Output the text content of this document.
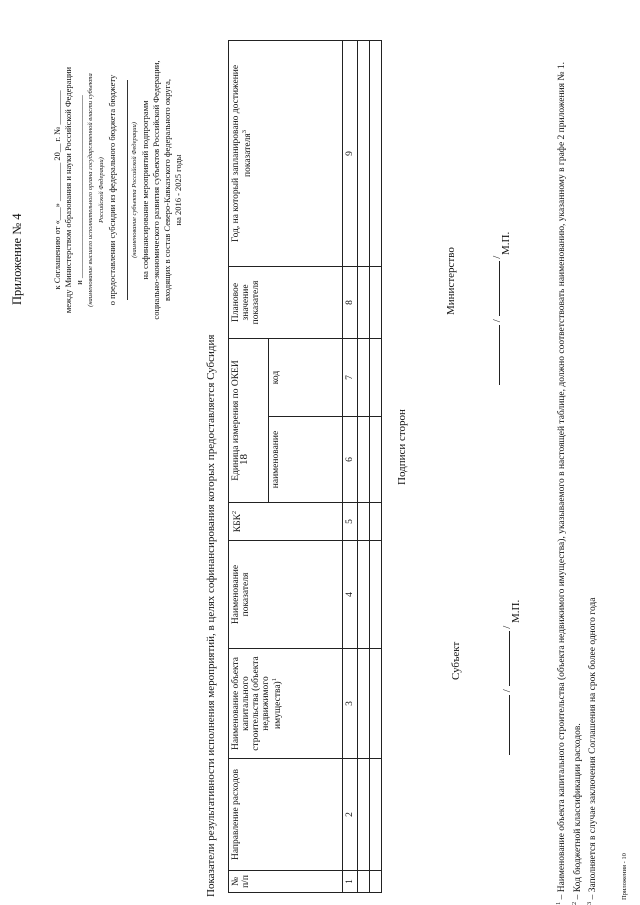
18
Приложение № 4	к Соглашению от «___» _________ 20__ г. № ________ между Министерством образования и науки Российской Федерации и ___________________________________________ (наименование высшего исполнительного органа государственной власти субъекта Российской Федерации) о предоставлении субсидии из федерального бюджета бюджету	(наименование субъекта Российской Федерации) на софинансирование мероприятий подпрограмм социально-экономического развития субъектов Российской Федерации, входящих в состав Северо-Кавказского федерального округа, на 2016 - 2025 годы

Показатели результативности исполнения мероприятий, в целях софинансирования которых предоставляется Субсидия № п/п	Направление расходов	Наименование объекта капитального строительства (объекта недвижимого имущества)$^1$	Наименование показателя	КБК$^2$	Единица измерения по ОКЕИ		Плановое значение показателя	Год, на который запланировано достижение показателя$^3$
					наименование	код		
1	2	3	4	5	6	7	8	9

Подписи сторон
Субъект
Министерство
/  /
М.П.
/  /
М.П.

$^1$ – Наименование объекта капитального строительства (объекта недвижимого имущества), указываемого в настоящей таблице, должно соответствовать наименованию, указанному в графе 2 приложения № 1.

$^2$ – Код бюджетной классификации расходов.

$^3$ – Заполняется в случае заключения Соглашения на срок более одного года	Приложения - 10
